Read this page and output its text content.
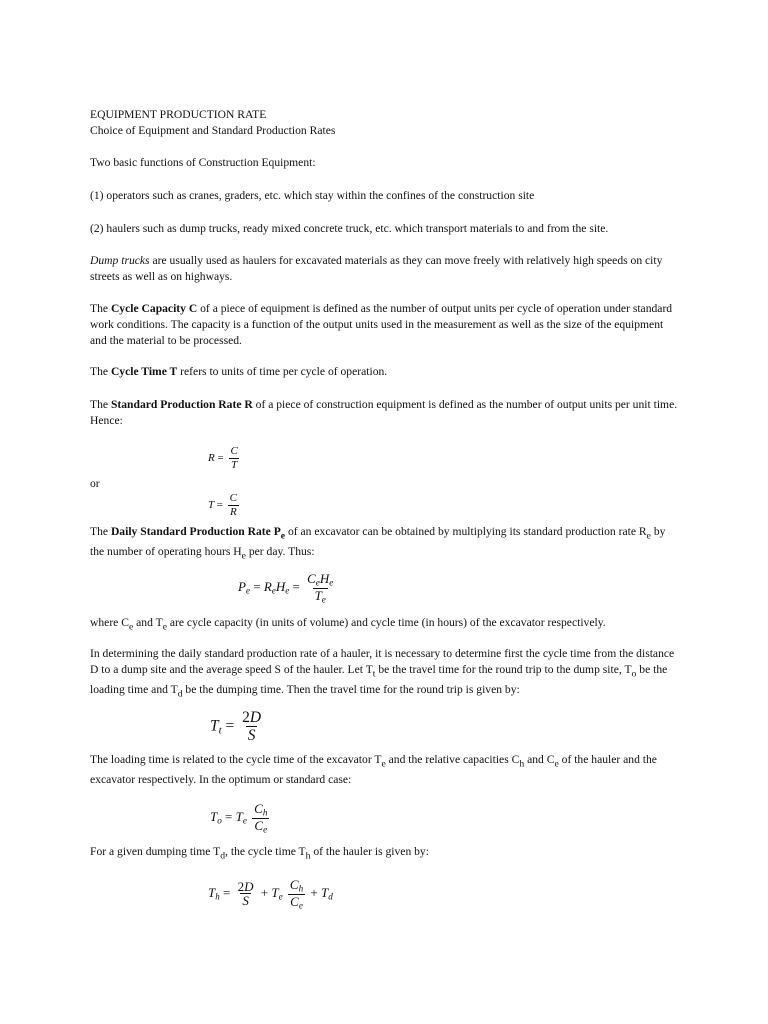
EQUIPMENT PRODUCTION RATE
Choice of Equipment and Standard Production Rates
Two basic functions of Construction Equipment:
(1) operators such as cranes, graders, etc. which stay within the confines of the construction site
(2) haulers such as dump trucks, ready mixed concrete truck, etc. which transport materials to and from the site.
Dump trucks are usually used as haulers for excavated materials as they can move freely with relatively high speeds on city streets as well as on highways.
The Cycle Capacity C of a piece of equipment is defined as the number of output units per cycle of operation under standard work conditions. The capacity is a function of the output units used in the measurement as well as the size of the equipment and the material to be processed.
The Cycle Time T refers to units of time per cycle of operation.
The Standard Production Rate R of a piece of construction equipment is defined as the number of output units per unit time. Hence:
$R = \frac{C}{T}$
or
$T = \frac{C}{R}$
The Daily Standard Production Rate $P_e$ of an excavator can be obtained by multiplying its standard production rate $R_e$ by the number of operating hours $H_e$ per day. Thus:
$P_e = R_eH_e = \frac{C_eH_e}{T_e}$
where $C_e$ and $T_e$ are cycle capacity (in units of volume) and cycle time (in hours) of the excavator respectively.
In determining the daily standard production rate of a hauler, it is necessary to determine first the cycle time from the distance D to a dump site and the average speed S of the hauler. Let $T_t$ be the travel time for the round trip to the dump site, $T_o$ be the loading time and $T_d$ be the dumping time. Then the travel time for the round trip is given by:
$T_t = \frac{2D}{S}$
The loading time is related to the cycle time of the excavator $T_e$ and the relative capacities $C_h$ and $C_e$ of the hauler and the excavator respectively. In the optimum or standard case:
$T_o = T_e \frac{C_h}{C_e}$
For a given dumping time $T_d$, the cycle time $T_h$ of the hauler is given by:
$T_h = \frac{2D}{S} + T_e \frac{C_h}{C_e} + T_d$
